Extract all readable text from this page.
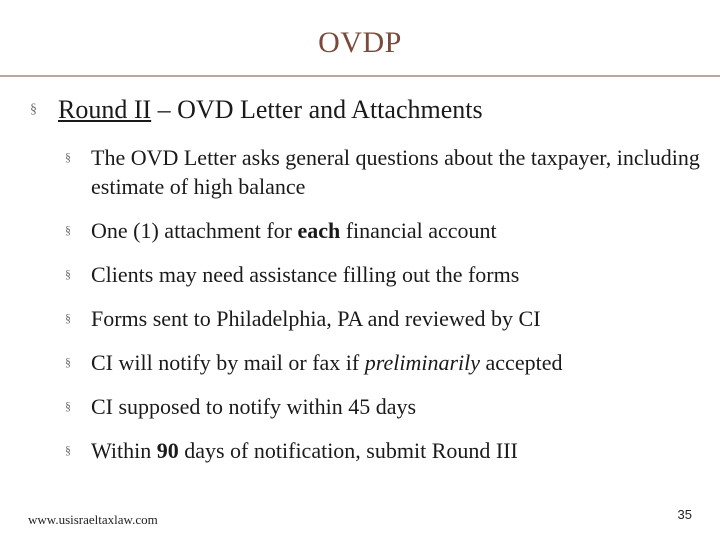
OVDP
§ Round II – OVD Letter and Attachments
§ The OVD Letter asks general questions about the taxpayer, including estimate of high balance
§ One (1) attachment for each financial account
§ Clients may need assistance filling out the forms
§ Forms sent to Philadelphia, PA and reviewed by CI
§ CI will notify by mail or fax if preliminarily accepted
§ CI supposed to notify within 45 days
§ Within 90 days of notification, submit Round III
www.usisraeltaxlaw.com	35
